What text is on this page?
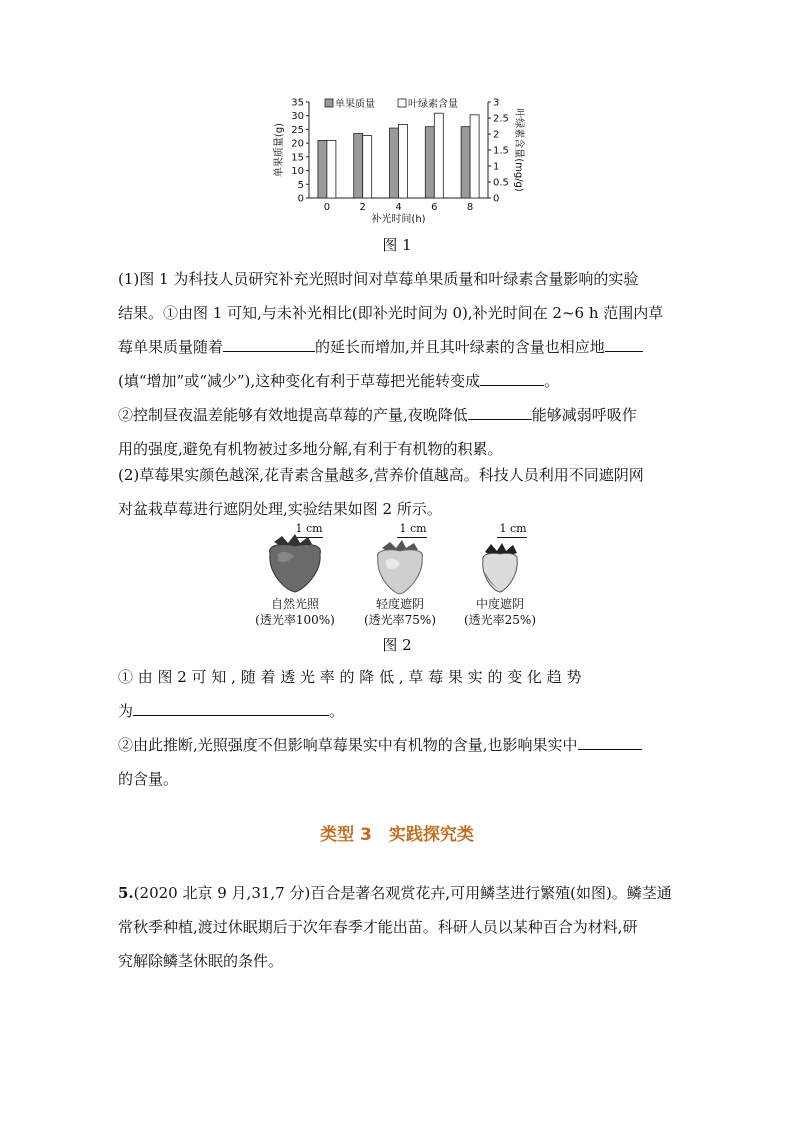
0
5
10
15
20
25
30
35
0
0.5
1
1.5
2
2.5
3
0	2	4	6	8
补光时间(h)
单果质量(g)	叶绿素含量(mg/g)
单果质量	叶绿素含量
图 1

(1)图 1 为科技人员研究补充光照时间对草莓单果质量和叶绿素含量影响的实验

结果。①由图 1 可知,与未补光相比(即补光时间为 0),补光时间在 2~6 h 范围内草

莓单果质量随着	的延长而增加,并且其叶绿素的含量也相应地

(填“增加”或“减少”),这种变化有利于草莓把光能转变成	。

②控制昼夜温差能够有效地提高草莓的产量,夜晚降低	能够减弱呼吸作

用的强度,避免有机物被过多地分解,有利于有机物的积累。

(2)草莓果实颜色越深,花青素含量越多,营养价值越高。科技人员利用不同遮阴网

对盆栽草莓进行遮阴处理,实验结果如图 2 所示。

1 cm	1 cm	1 cm
自然光照
(透光率100%)
轻度遮阴
(透光率75%)
中度遮阴
(透光率25%)
图 2

① 由 图 2 可 知 , 随 着 透 光 率 的 降 低 , 草 莓 果 实 的 变 化 趋 势

为	。

②由此推断,光照强度不但影响草莓果实中有机物的含量,也影响果实中

的含量。

类型 3　实践探究类

5.(2020 北京 9 月,31,7 分)百合是著名观赏花卉,可用鳞茎进行繁殖(如图)。鳞茎通

常秋季种植,渡过休眠期后于次年春季才能出苗。科研人员以某种百合为材料,研

究解除鳞茎休眠的条件。
